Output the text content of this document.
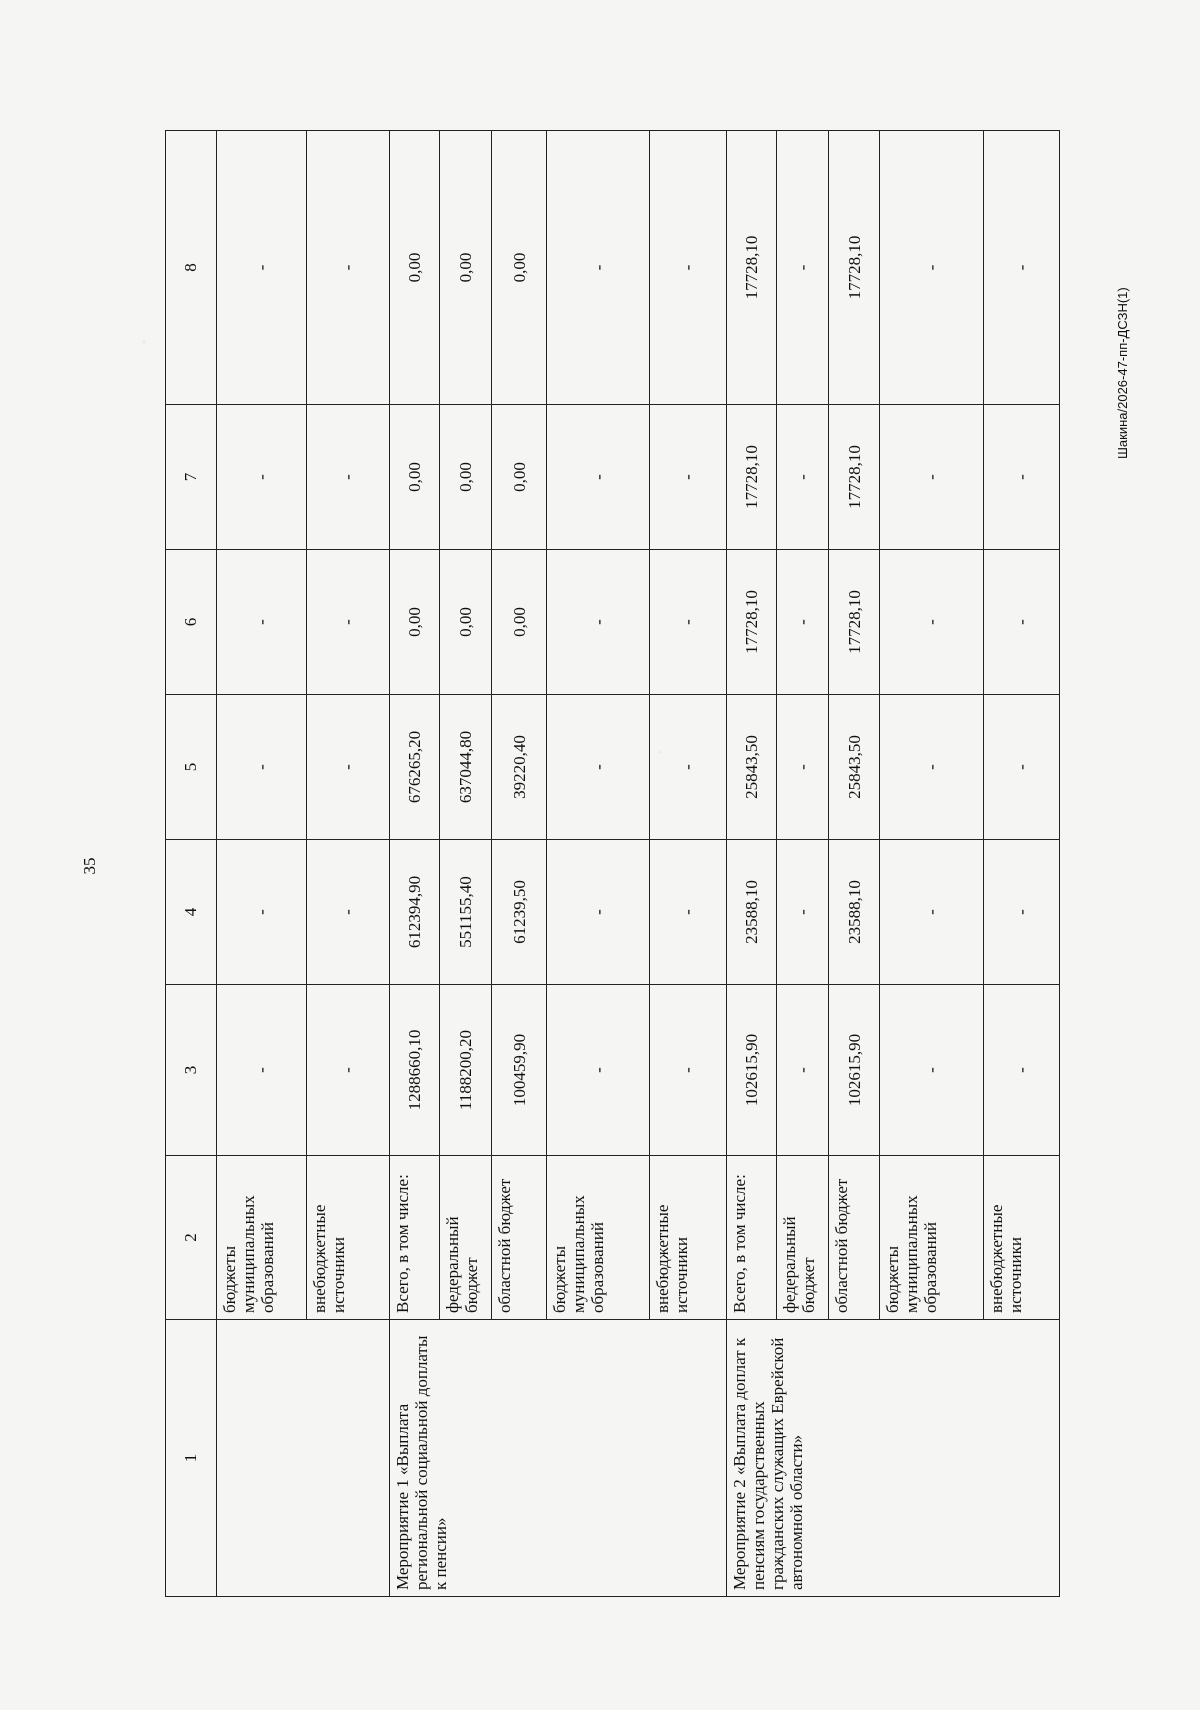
35
Шакина/2026-47-пп-ДСЗН(1)
1	2	3	4	5	6	7	8
	бюджеты муниципальных образований	-	-	-	-	-	-
	внебюджетные источники	-	-	-	-	-	-
Мероприятие 1 «Выплата региональной социальной доплаты к пенсии»	Всего, в том числе:	1288660,10	612394,90	676265,20	0,00	0,00	0,00
	федеральный бюджет	1188200,20	551155,40	637044,80	0,00	0,00	0,00
	областной бюджет	100459,90	61239,50	39220,40	0,00	0,00	0,00
	бюджеты муниципальных образований	-	-	-	-	-	-
	внебюджетные источники	-	-	-	-	-	-
Мероприятие 2 «Выплата доплат к пенсиям государственных гражданских служащих Еврейской автономной области»	Всего, в том числе:	102615,90	23588,10	25843,50	17728,10	17728,10	17728,10
	федеральный бюджет	-	-	-	-	-	-
	областной бюджет	102615,90	23588,10	25843,50	17728,10	17728,10	17728,10
	бюджеты муниципальных образований	-	-	-	-	-	-
	внебюджетные источники	-	-	-	-	-	-
